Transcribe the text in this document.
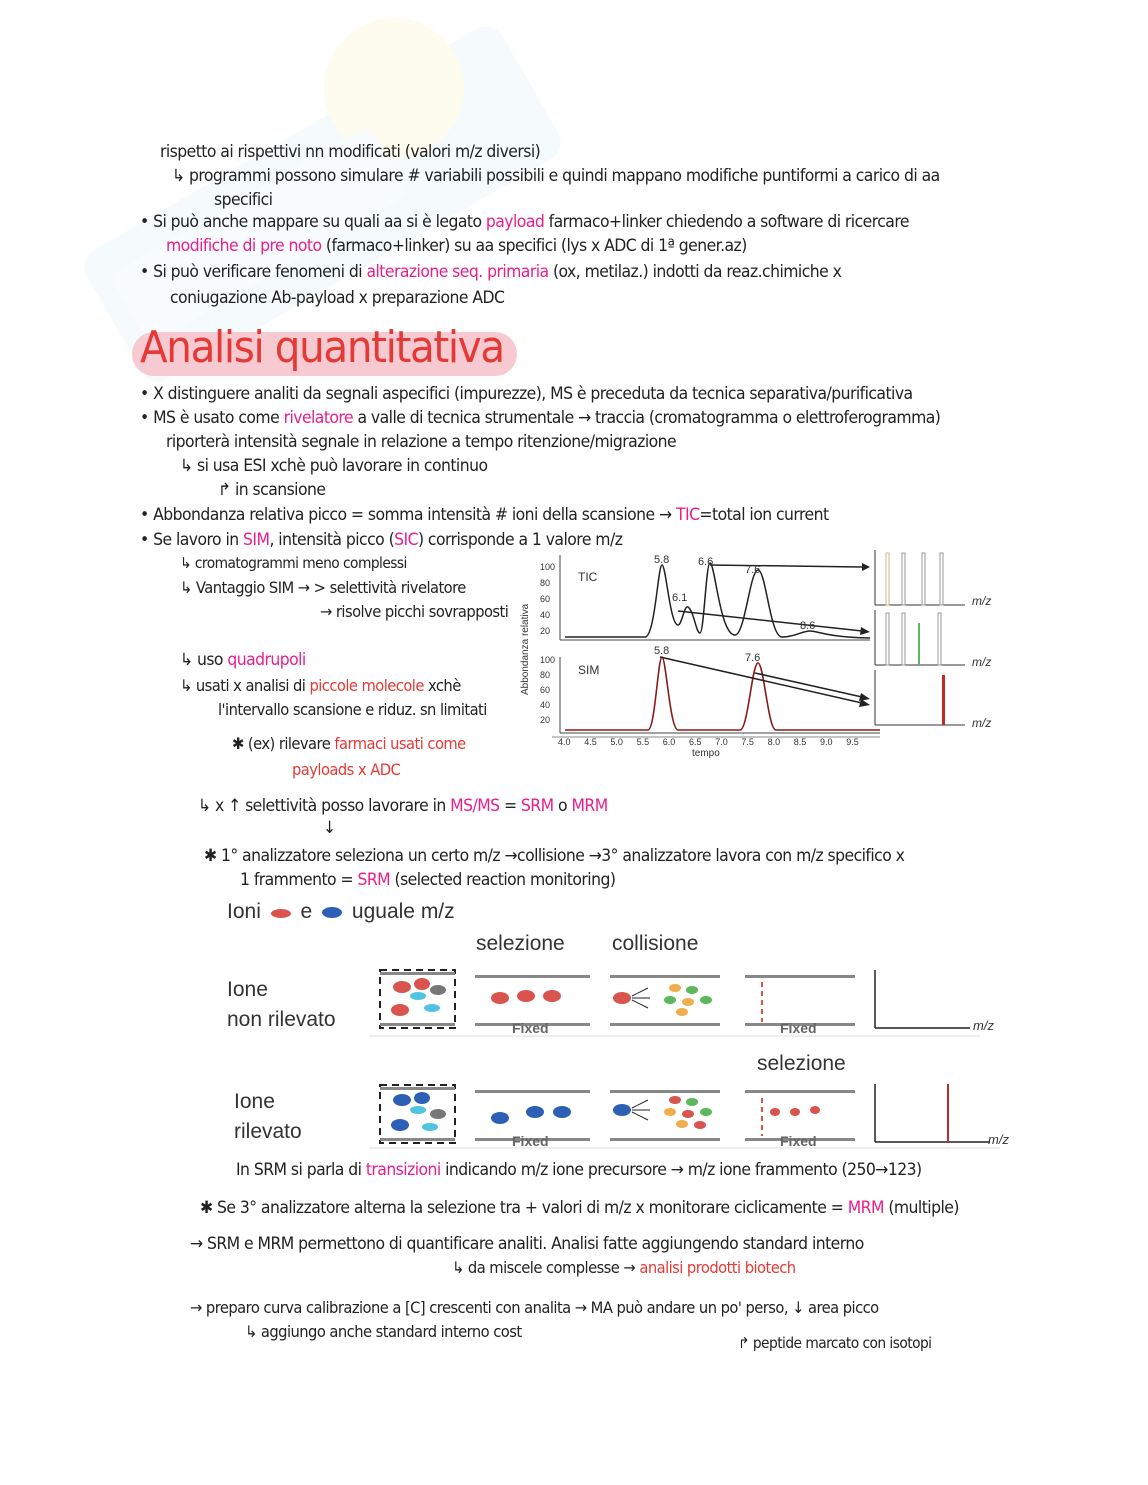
rispetto ai rispettivi nn modificati (valori m/z diversi)
↳ programmi possono simulare # variabili possibili e quindi mappano modifiche puntiformi a carico di aa
specifici
• Si può anche mappare su quali aa si è legato payload farmaco+linker chiedendo a software di ricercare
modifiche di pre noto (farmaco+linker) su aa specifici (lys x ADC di 1ª gener.az)
• Si può verificare fenomeni di alterazione seq. primaria (ox, metilaz.) indotti da reaz.chimiche x
coniugazione Ab-payload x preparazione ADC
Analisi quantitativa
• X distinguere analiti da segnali aspecifici (impurezze), MS è preceduta da tecnica separativa/purificativa
• MS è usato come rivelatore a valle di tecnica strumentale → traccia (cromatogramma o elettroferogramma)
riporterà intensità segnale in relazione a tempo ritenzione/migrazione
↳ si usa ESI xchè può lavorare in continuo
↱ in scansione
• Abbondanza relativa picco = somma intensità # ioni della scansione → TIC=total ion current
• Se lavoro in SIM, intensità picco (SIC) corrisponde a 1 valore m/z
↳ cromatogrammi meno complessi
↳ Vantaggio SIM → > selettività rivelatore
→ risolve picchi sovrapposti
↳ uso quadrupoli
↳ usati x analisi di piccole molecole xchè
l'intervallo scansione e riduz. sn limitati
✱ (ex) rilevare farmaci usati come
payloads x ADC
↳ x ↑ selettività posso lavorare in MS/MS = SRM o MRM
↓
✱ 1° analizzatore seleziona un certo m/z →collisione →3° analizzatore lavora con m/z specifico x
1 frammento = SRM (selected reaction monitoring)
TIC
SIM
Abbondanza relativa
tempo
m/z
m/z
m/z
100
80
60
40
20
100
80
60
40
20
4.0 4.5 5.0 5.5 6.0 6.5 7.0 7.5 8.0 8.5 9.0 9.5
5.8	6.6
6.1
7.6
8.6
5.8
7.6
Ioni e uguale m/z
selezione collisione
selezione
Ione
non rilevato
Ione
rilevato
Fixed	Fixed
Fixed	Fixed
m/z
m/z
In SRM si parla di transizioni indicando m/z ione precursore → m/z ione frammento (250→123)
✱ Se 3° analizzatore alterna la selezione tra + valori di m/z x monitorare ciclicamente = MRM (multiple)
→ SRM e MRM permettono di quantificare analiti. Analisi fatte aggiungendo standard interno
↳ da miscele complesse → analisi prodotti biotech
→ preparo curva calibrazione a [C] crescenti con analita → MA può andare un po' perso, ↓ area picco
↳ aggiungo anche standard interno cost
↱ peptide marcato con isotopi
